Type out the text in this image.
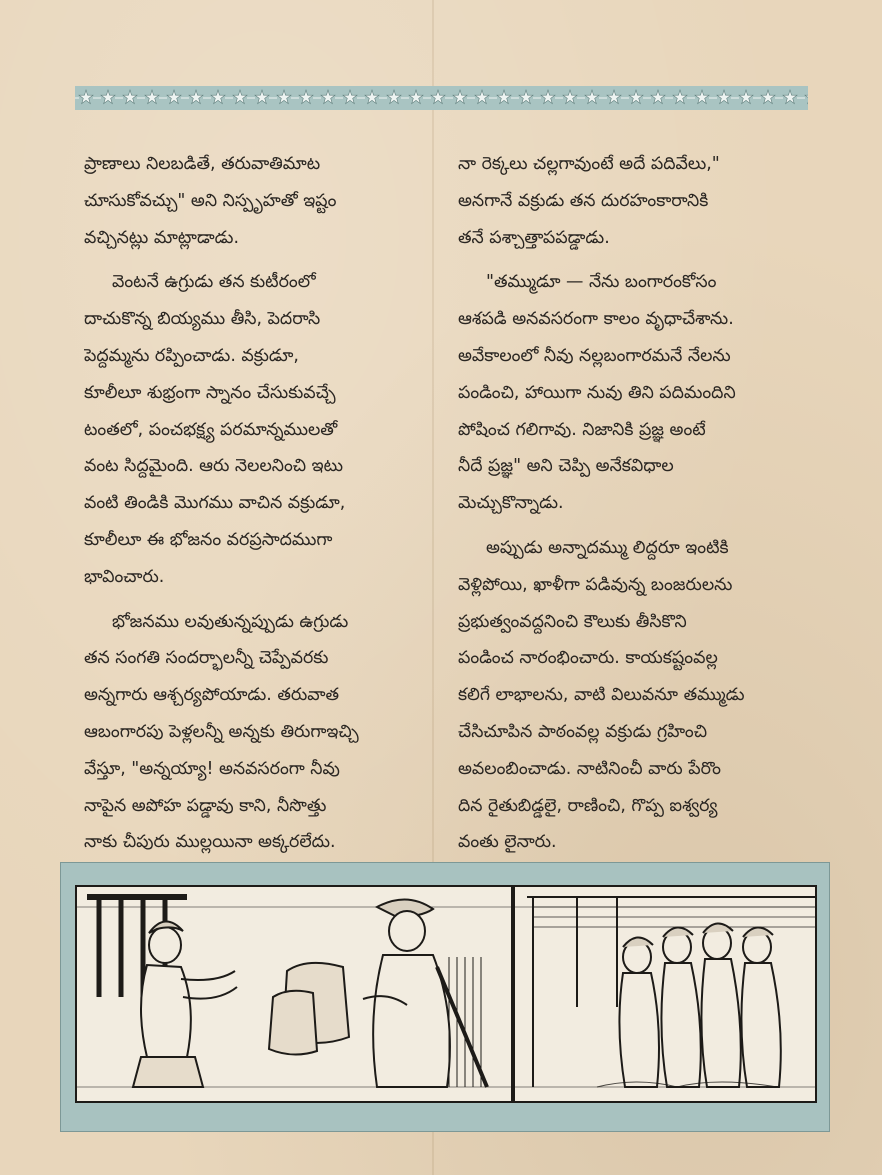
ప్రాణాలు నిలబడితే, తరువాతిమాట
చూసుకోవచ్చు" అని నిస్పృహతో ఇష్టం
వచ్చినట్లు మాట్లాడాడు.
వెంటనే ఉగ్రుడు తన కుటీరంలో
దాచుకొన్న బియ్యము తీసి, పెదరాసి
పెద్దమ్మను రప్పించాడు. వక్రుడూ,
కూలీలూ శుభ్రంగా స్నానం చేసుకువచ్చే
టంతలో, పంచభక్ష్య పరమాన్నములతో
వంట సిద్దమైంది. ఆరు నెలలనించి ఇటు
వంటి తిండికి మొగము వాచిన వక్రుడూ,
కూలీలూ ఈ భోజనం వరప్రసాదముగా
భావించారు.
భోజనము లవుతున్నప్పుడు ఉగ్రుడు
తన సంగతి సందర్భాలన్నీ చెప్పేవరకు
అన్నగారు ఆశ్చర్యపోయాడు. తరువాత
ఆబంగారపు పెళ్లలన్నీ అన్నకు తిరుగాఇచ్చి
వేస్తూ, "అన్నయ్యా! అనవసరంగా నీవు
నాపైన అపోహ పడ్డావు కాని, నీసొత్తు
నాకు చీపురు ముల్లయినా అక్కరలేదు.
నా రెక్కలు చల్లగావుంటే అదే పదివేలు,"
అనగానే వక్రుడు తన దురహంకారానికి
తనే పశ్చాత్తాపపడ్డాడు.
"తమ్ముడూ — నేను బంగారంకోసం
ఆశపడి అనవసరంగా కాలం వృధాచేశాను.
అవేకాలంలో నీవు నల్లబంగారమనే నేలను
పండించి, హాయిగా నువు తిని పదిమందిని
పోషించ గలిగావు. నిజానికి ప్రజ్ఞ అంటే
నీదే ప్రజ్ఞ" అని చెప్పి అనేకవిధాల
మెచ్చుకొన్నాడు.
అప్పుడు అన్నాదమ్ము లిద్దరూ ఇంటికి
వెళ్లిపోయి, ఖాళీగా పడివున్న బంజరులను
ప్రభుత్వంవద్దనించి కౌలుకు తీసికొని
పండించ నారంభించారు. కాయకష్టంవల్ల
కలిగే లాభాలను, వాటి విలువనూ తమ్ముడు
చేసిచూపిన పాఠంవల్ల వక్రుడు గ్రహించి
అవలంబించాడు. నాటినించీ వారు పేరొం
దిన రైతుబిడ్డలై, రాణించి, గొప్ప ఐశ్వర్య
వంతు లైనారు.
